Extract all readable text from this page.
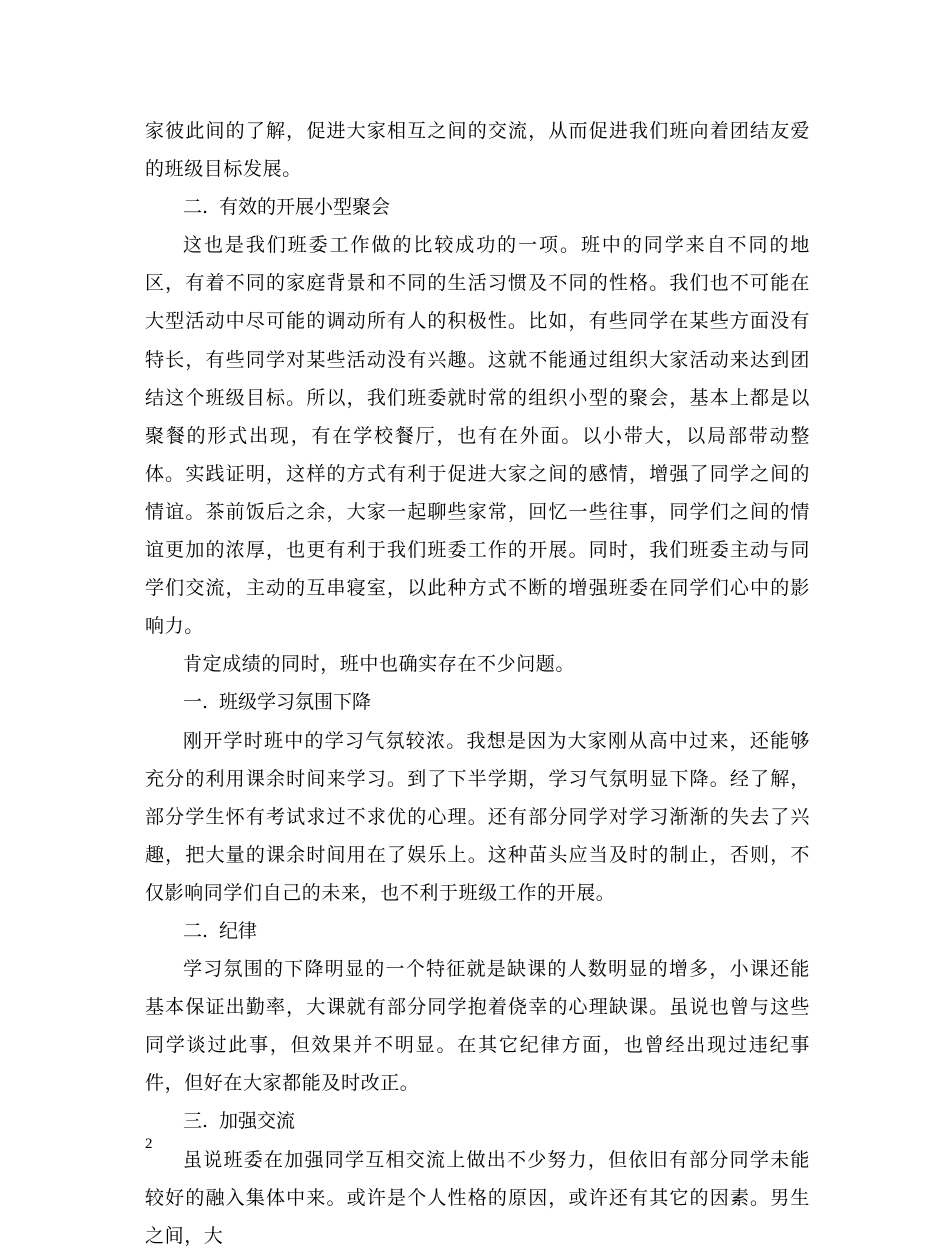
家彼此间的了解，促进大家相互之间的交流，从而促进我们班向着团结友爱的班级目标发展。

二. 有效的开展小型聚会

这也是我们班委工作做的比较成功的一项。班中的同学来自不同的地区，有着不同的家庭背景和不同的生活习惯及不同的性格。我们也不可能在大型活动中尽可能的调动所有人的积极性。比如，有些同学在某些方面没有特长，有些同学对某些活动没有兴趣。这就不能通过组织大家活动来达到团结这个班级目标。所以，我们班委就时常的组织小型的聚会，基本上都是以聚餐的形式出现，有在学校餐厅，也有在外面。以小带大，以局部带动整体。实践证明，这样的方式有利于促进大家之间的感情，增强了同学之间的情谊。茶前饭后之余，大家一起聊些家常，回忆一些往事，同学们之间的情谊更加的浓厚，也更有利于我们班委工作的开展。同时，我们班委主动与同学们交流，主动的互串寝室，以此种方式不断的增强班委在同学们心中的影响力。

肯定成绩的同时，班中也确实存在不少问题。

一. 班级学习氛围下降

刚开学时班中的学习气氛较浓。我想是因为大家刚从高中过来，还能够充分的利用课余时间来学习。到了下半学期，学习气氛明显下降。经了解，部分学生怀有考试求过不求优的心理。还有部分同学对学习渐渐的失去了兴趣，把大量的课余时间用在了娱乐上。这种苗头应当及时的制止，否则，不仅影响同学们自己的未来，也不利于班级工作的开展。

二. 纪律

学习氛围的下降明显的一个特征就是缺课的人数明显的增多，小课还能基本保证出勤率，大课就有部分同学抱着侥幸的心理缺课。虽说也曾与这些同学谈过此事，但效果并不明显。在其它纪律方面，也曾经出现过违纪事件，但好在大家都能及时改正。

三. 加强交流

虽说班委在加强同学互相交流上做出不少努力，但依旧有部分同学未能较好的融入集体中来。或许是个人性格的原因，或许还有其它的因素。男生之间，大

2
